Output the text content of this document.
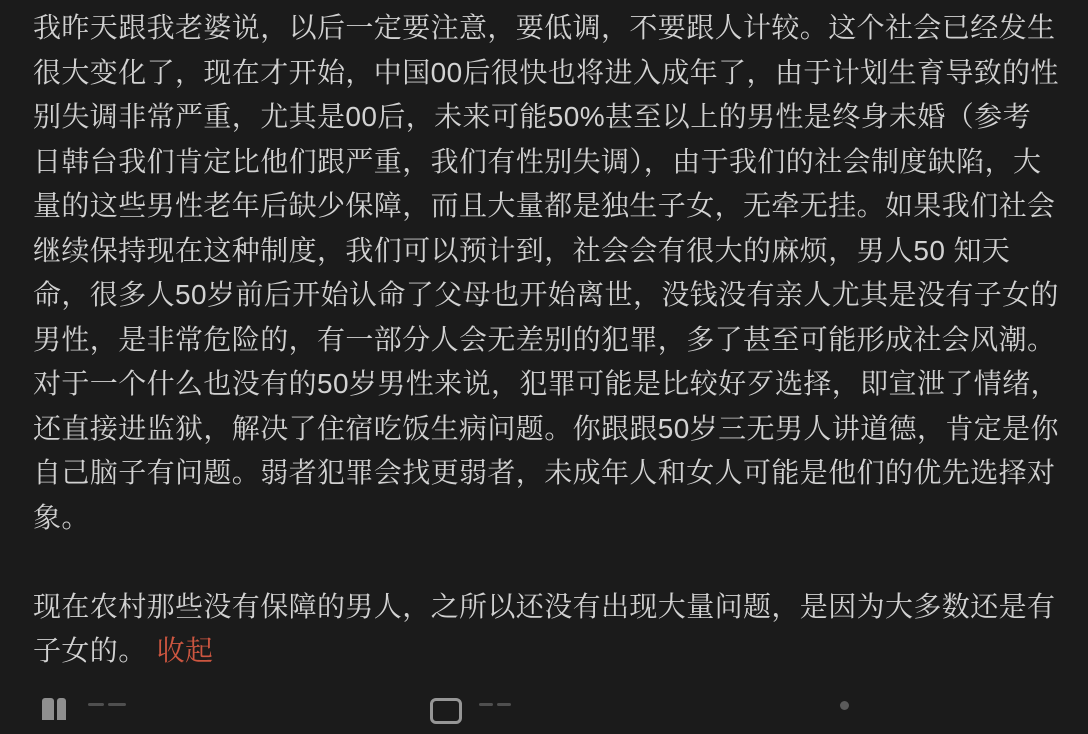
我昨天跟我老婆说，以后一定要注意，要低调，不要跟人计较。这个社会已经发生
很大变化了，现在才开始，中国00后很快也将进入成年了，由于计划生育导致的性
别失调非常严重，尤其是00后，未来可能50%甚至以上的男性是终身未婚（参考
日韩台我们肯定比他们跟严重，我们有性别失调），由于我们的社会制度缺陷，大
量的这些男性老年后缺少保障，而且大量都是独生子女，无牵无挂。如果我们社会
继续保持现在这种制度，我们可以预计到，社会会有很大的麻烦，男人50 知天
命，很多人50岁前后开始认命了父母也开始离世，没钱没有亲人尤其是没有子女的
男性，是非常危险的，有一部分人会无差别的犯罪，多了甚至可能形成社会风潮。
对于一个什么也没有的50岁男性来说，犯罪可能是比较好歹选择，即宣泄了情绪，
还直接进监狱，解决了住宿吃饭生病问题。你跟跟50岁三无男人讲道德，肯定是你
自己脑子有问题。弱者犯罪会找更弱者，未成年人和女人可能是他们的优先选择对
象。
现在农村那些没有保障的男人，之所以还没有出现大量问题，是因为大多数还是有
子女的。 收起
